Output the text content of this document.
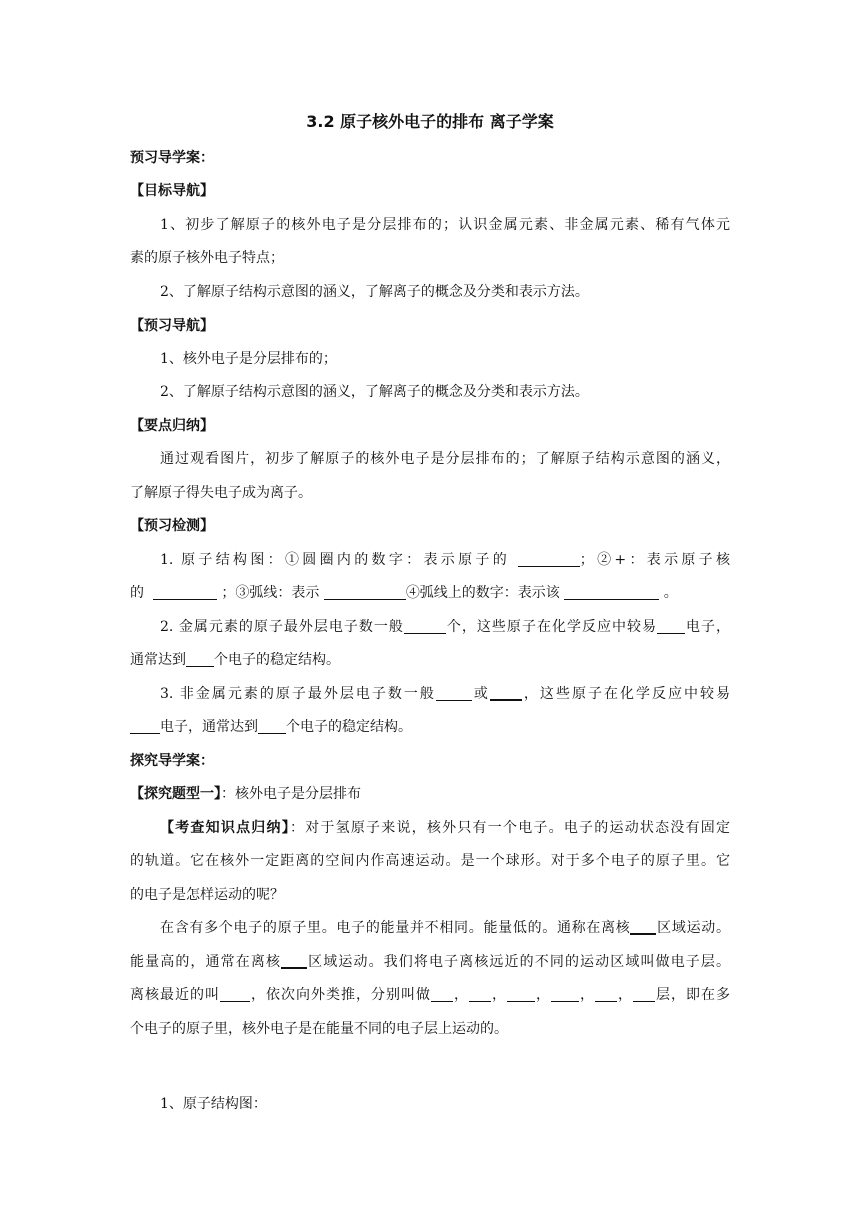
3.2 原子核外电子的排布 离子学案
预习导学案：
【目标导航】
1、初步了解原子的核外电子是分层排布的；认识金属元素、非金属元素、稀有气体元
素的原子核外电子特点；
2、了解原子结构示意图的涵义，了解离子的概念及分类和表示方法。
【预习导航】
1、核外电子是分层排布的；
2、了解原子结构示意图的涵义，了解离子的概念及分类和表示方法。
【要点归纳】
通过观看图片，初步了解原子的核外电子是分层排布的；了解原子结构示意图的涵义，
了解原子得失电子成为离子。
【预习检测】
1. 原子结构图：①圆圈内的数字：表示原子的	；②+：表示原子核
的	；③弧线：表示	④弧线上的数字：表示该	。
2. 金属元素的原子最外层电子数一般	个，这些原子在化学反应中较易 电子，
通常达到 个电子的稳定结构。
3. 非金属元素的原子最外层电子数一般	或 ，这些原子在化学反应中较易
电子，通常达到 个电子的稳定结构。
探究导学案：
【探究题型一】：核外电子是分层排布
【考查知识点归纳】：对于氢原子来说，核外只有一个电子。电子的运动状态没有固定
的轨道。它在核外一定距离的空间内作高速运动。是一个球形。对于多个电子的原子里。它
的电子是怎样运动的呢？
在含有多个电子的原子里。电子的能量并不相同。能量低的。通称在离核 区域运动。
能量高的，通常在离核 区域运动。我们将电子离核远近的不同的运动区域叫做电子层。
离核最近的叫 ，依次向外类推，分别叫做 ， ， ， ， ， 层，即在多
个电子的原子里，核外电子是在能量不同的电子层上运动的。
1、原子结构图：
